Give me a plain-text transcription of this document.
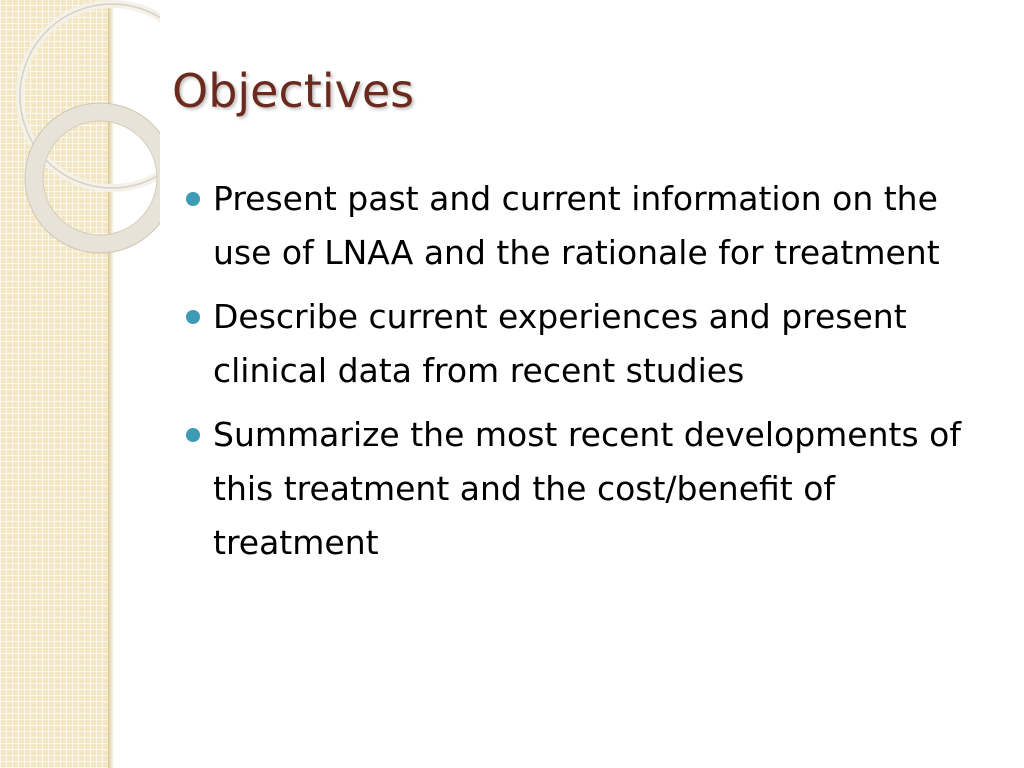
Objectives
Present past and current information on the use of LNAA and the rationale for treatment
Describe current experiences and present clinical data from recent studies
Summarize the most recent developments of this treatment and the cost/benefit of treatment
